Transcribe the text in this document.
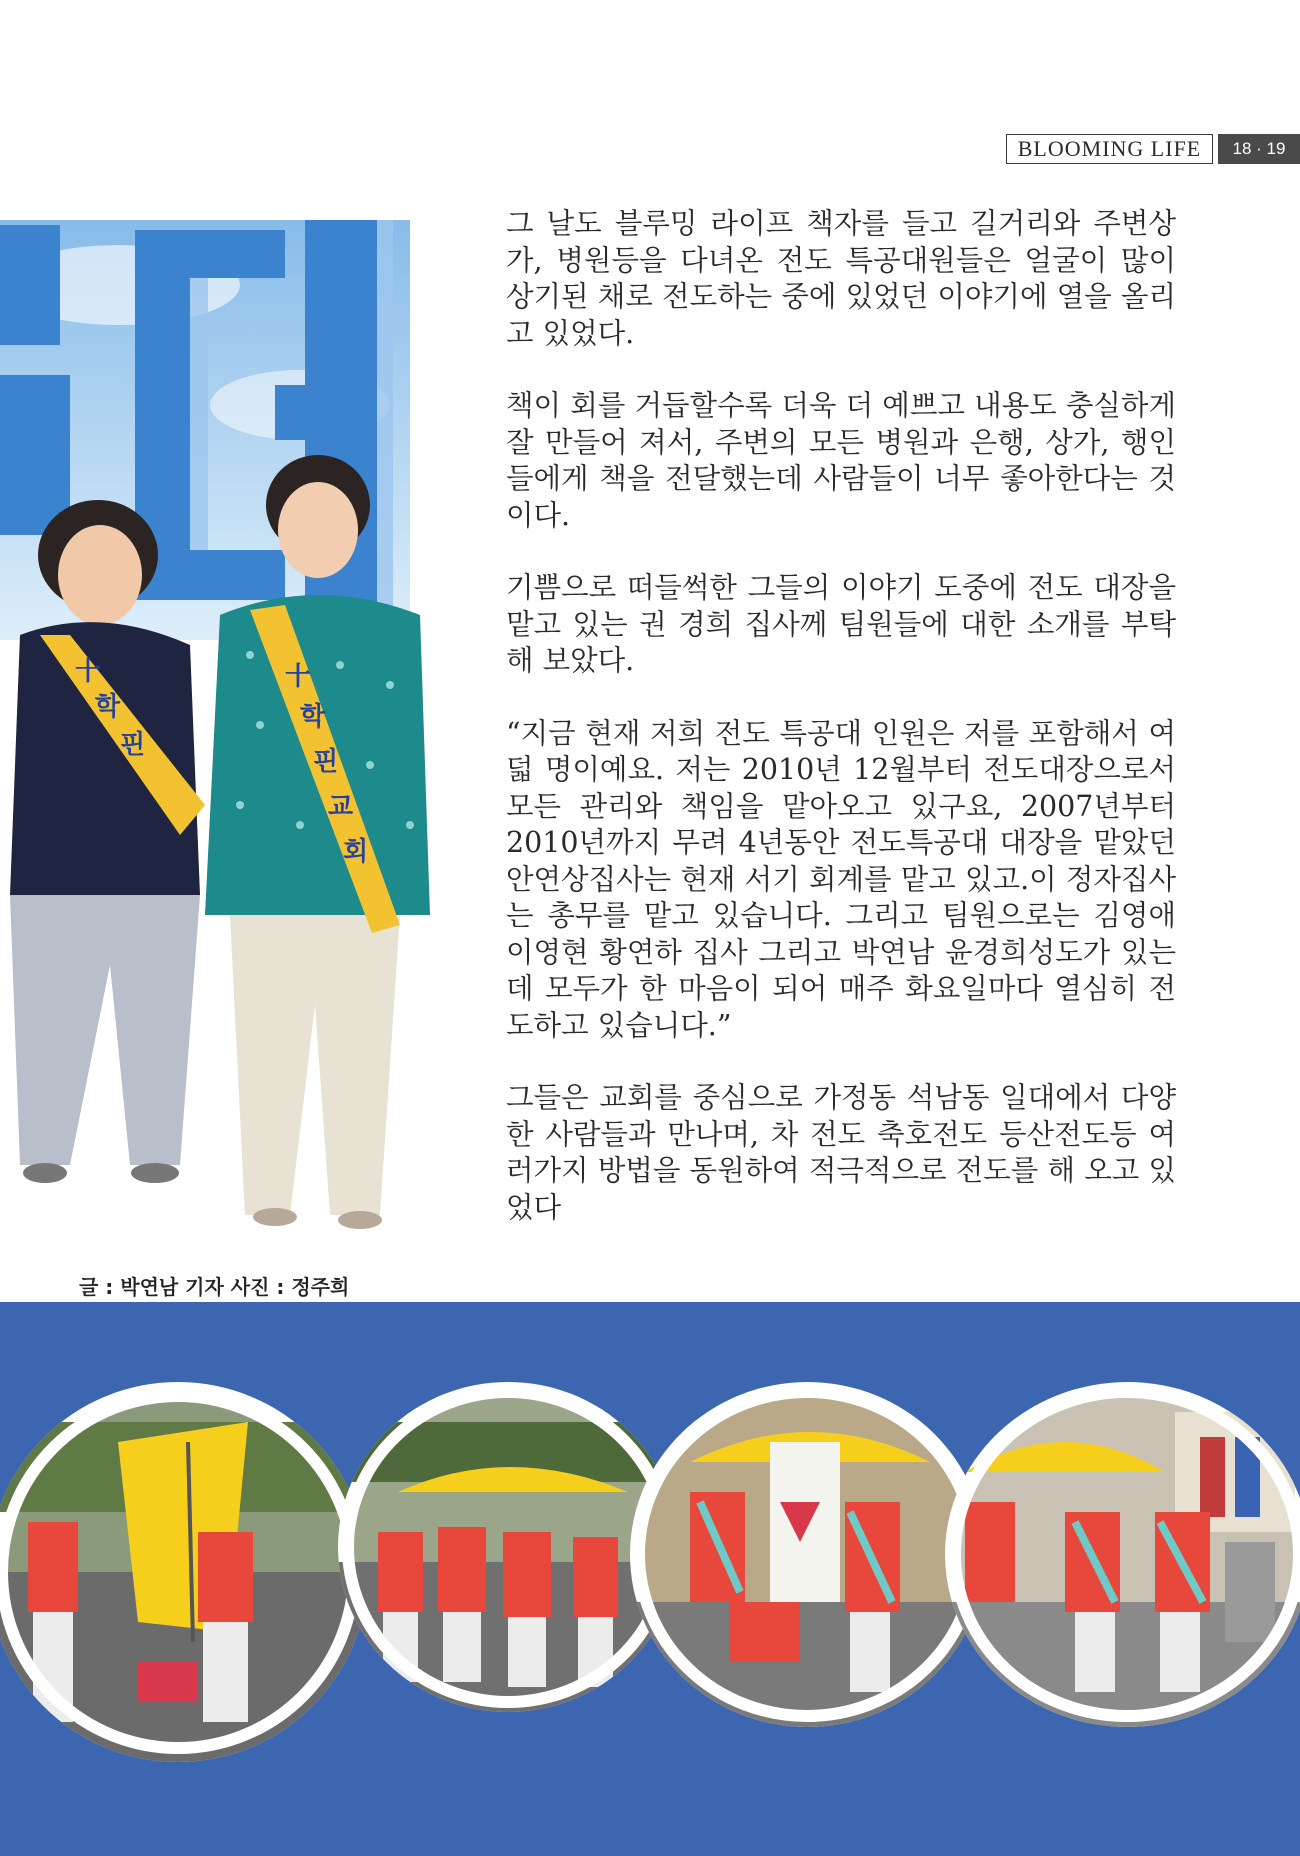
BLOOMING LIFE	18 · 19
十
학
핀
十
학
핀
교
회

그 날도 블루밍 라이프 책자를 들고 길거리와 주변상가, 병원등을 다녀온 전도 특공대원들은 얼굴이 많이 상기된 채로 전도하는 중에 있었던 이야기에 열을 올리고 있었다.

책이 회를 거듭할수록 더욱 더 예쁘고 내용도 충실하게 잘 만들어 져서, 주변의 모든 병원과 은행, 상가, 행인들에게 책을 전달했는데 사람들이 너무 좋아한다는 것이다.

기쁨으로 떠들썩한 그들의 이야기 도중에 전도 대장을 맡고 있는 권 경희 집사께 팀원들에 대한 소개를 부탁해 보았다.

“지금 현재 저희 전도 특공대 인원은 저를 포함해서 여덟 명이예요. 저는 2010년 12월부터 전도대장으로서 모든 관리와 책임을 맡아오고 있구요, 2007년부터 2010년까지 무려 4년동안 전도특공대 대장을 맡았던 안연상집사는 현재 서기 회계를 맡고 있고.이 정자집사는 총무를 맡고 있습니다. 그리고 팀원으로는 김영애 이영현 황연하 집사 그리고 박연남 윤경희성도가 있는데 모두가 한 마음이 되어 매주 화요일마다 열심히 전도하고 있습니다.”

그들은 교회를 중심으로 가정동 석남동 일대에서 다양한 사람들과 만나며, 차 전도 축호전도 등산전도등 여러가지 방법을 동원하여 적극적으로 전도를 해 오고 있었다

글 : 박연남 기자 사진 : 정주희
